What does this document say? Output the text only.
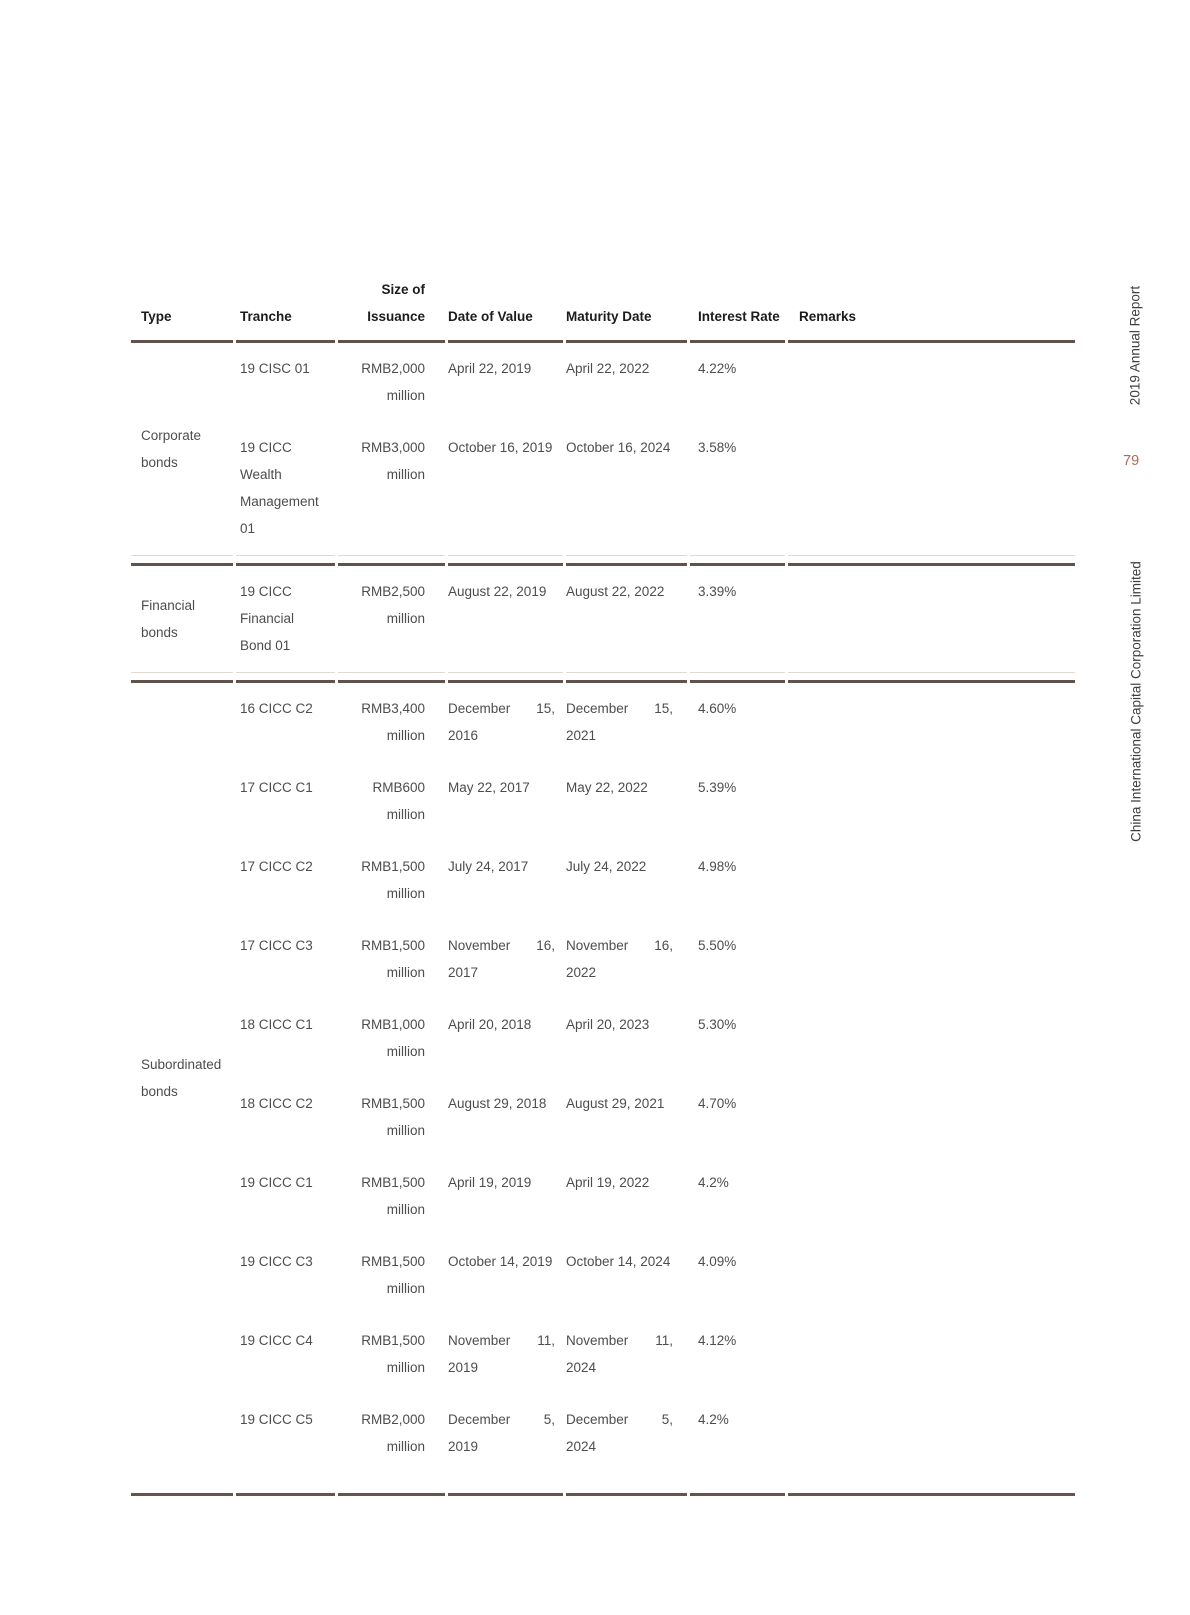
Type	Tranche	Size of Issuance	Date of Value	Maturity Date	Interest Rate	Remarks
Corporate bonds	19 CISC 01	RMB2,000 million	April 22, 2019	April 22, 2022	4.22%	
	19 CICC Wealth Management 01	RMB3,000 million	October 16, 2019	October 16, 2024	3.58%	

Financial bonds	19 CICC Financial Bond 01	RMB2,500 million	August 22, 2019	August 22, 2022	3.39%	

Subordinated bonds	16 CICC C2	RMB3,400 million	December 15, 2016	December 15, 2021	4.60%	
	17 CICC C1	RMB600 million	May 22, 2017	May 22, 2022	5.39%	
	17 CICC C2	RMB1,500 million	July 24, 2017	July 24, 2022	4.98%	
	17 CICC C3	RMB1,500 million	November 16, 2017	November 16, 2022	5.50%	
	18 CICC C1	RMB1,000 million	April 20, 2018	April 20, 2023	5.30%	
	18 CICC C2	RMB1,500 million	August 29, 2018	August 29, 2021	4.70%	
	19 CICC C1	RMB1,500 million	April 19, 2019	April 19, 2022	4.2%	
	19 CICC C3	RMB1,500 million	October 14, 2019	October 14, 2024	4.09%	
	19 CICC C4	RMB1,500 million	November 11, 2019	November 11, 2024	4.12%	
	19 CICC C5	RMB2,000 million	December 5, 2019	December 5, 2024	4.2%	

2019 Annual Report
79
China International Capital Corporation Limited
